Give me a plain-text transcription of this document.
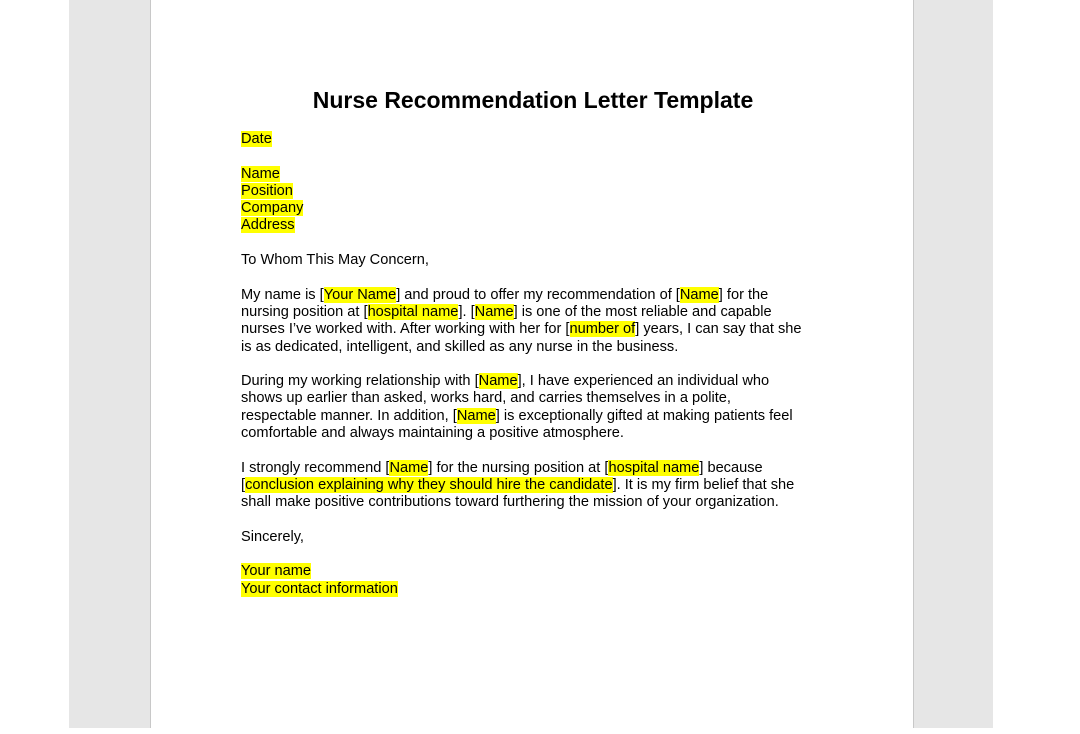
Nurse Recommendation Letter Template
Date
Name
Position
Company
Address
To Whom This May Concern,
My name is [Your Name] and proud to offer my recommendation of [Name] for the
nursing position at [hospital name]. [Name] is one of the most reliable and capable
nurses I’ve worked with. After working with her for [number of] years, I can say that she
is as dedicated, intelligent, and skilled as any nurse in the business.
During my working relationship with [Name], I have experienced an individual who
shows up earlier than asked, works hard, and carries themselves in a polite,
respectable manner. In addition, [Name] is exceptionally gifted at making patients feel
comfortable and always maintaining a positive atmosphere.
I strongly recommend [Name] for the nursing position at [hospital name] because
[conclusion explaining why they should hire the candidate]. It is my firm belief that she
shall make positive contributions toward furthering the mission of your organization.
Sincerely,
Your name
Your contact information
